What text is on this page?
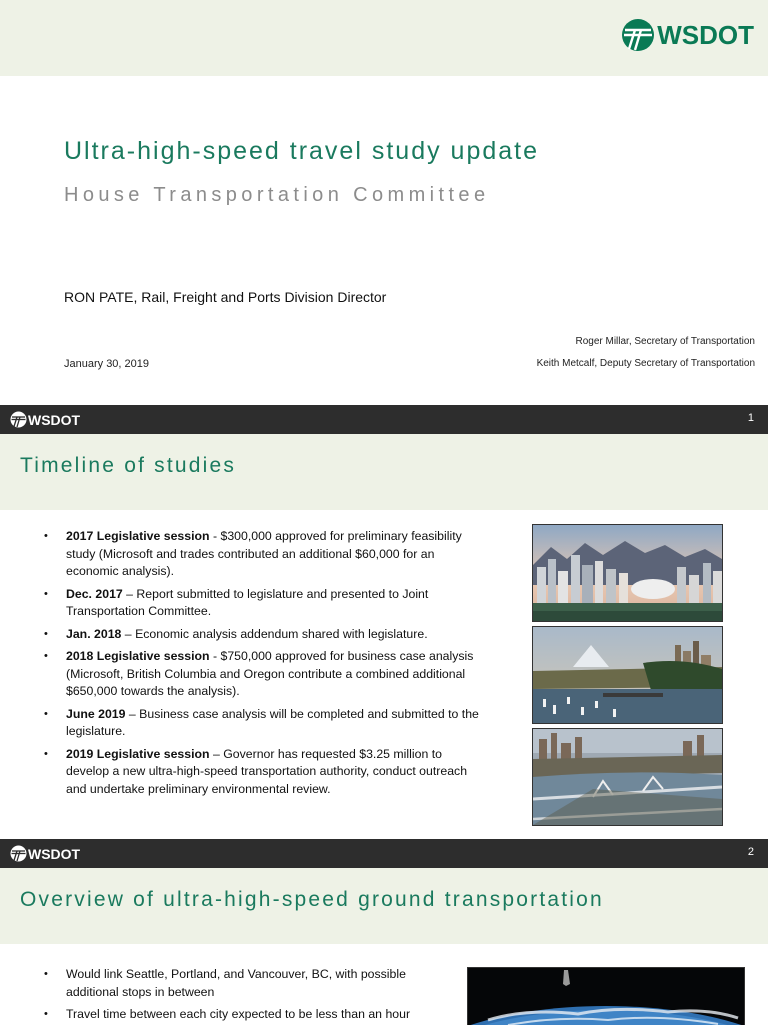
WSDOT
Ultra-high-speed travel study update
House Transportation Committee
RON PATE, Rail, Freight and Ports Division Director
Roger Millar, Secretary of Transportation
January 30, 2019	Keith Metcalf, Deputy Secretary of Transportation
WSDOT	1
Timeline of studies
• 2017 Legislative session - $300,000 approved for preliminary feasibility study (Microsoft and trades contributed an additional $60,000 for an economic analysis).
• Dec. 2017 – Report submitted to legislature and presented to Joint Transportation Committee.
• Jan. 2018 – Economic analysis addendum shared with legislature.
• 2018 Legislative session - $750,000 approved for business case analysis (Microsoft, British Columbia and Oregon contribute a combined additional $650,000 towards the analysis).
• June 2019 – Business case analysis will be completed and submitted to the legislature.
• 2019 Legislative session – Governor has requested $3.25 million to develop a new ultra-high-speed transportation authority, conduct outreach and undertake preliminary environmental review.
WSDOT	2
Overview of ultra-high-speed ground transportation
• Would link Seattle, Portland, and Vancouver, BC, with possible additional stops in between
• Travel time between each city expected to be less than an hour
